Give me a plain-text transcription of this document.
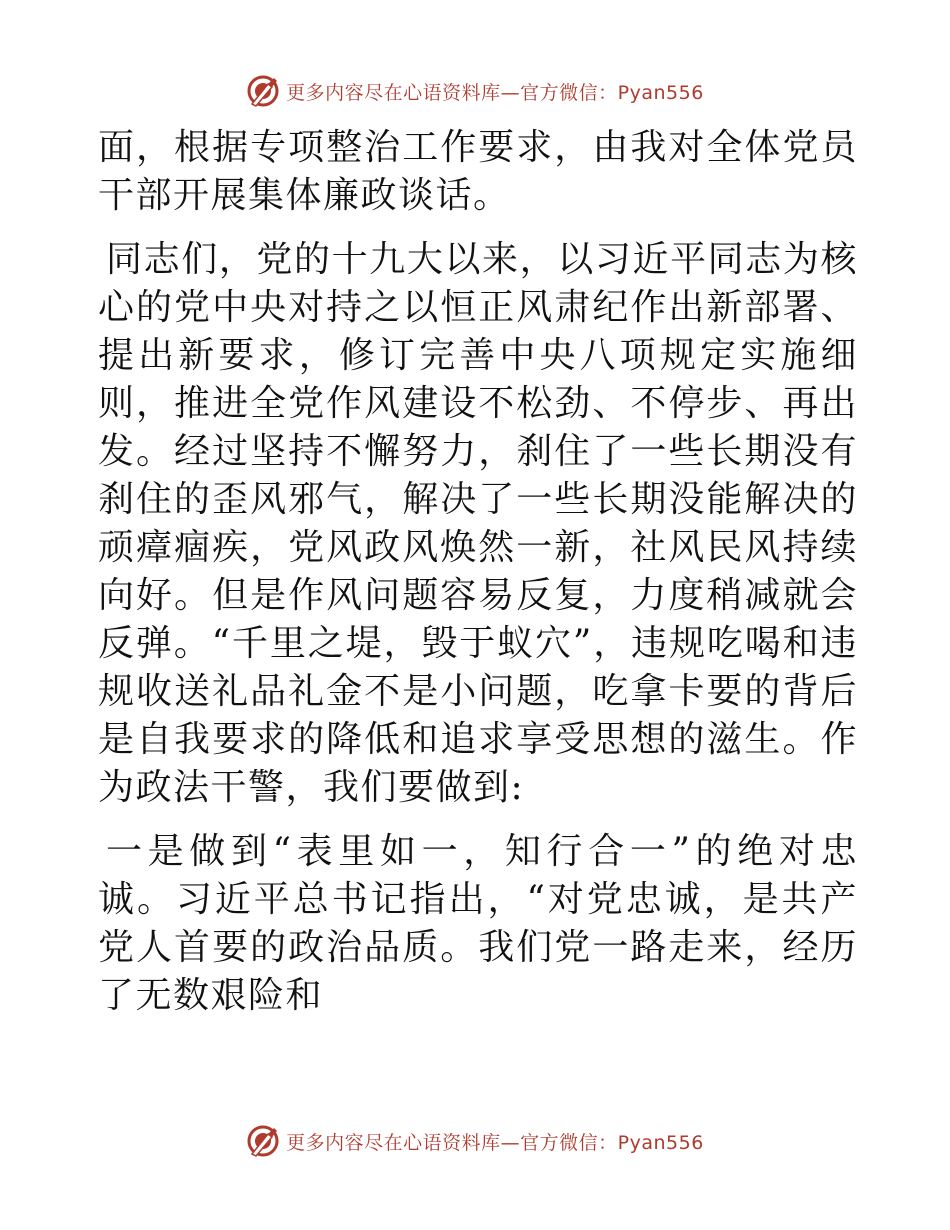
更多内容尽在心语资料库—官方微信：Pyan556

面，根据专项整治工作要求，由我对全体党员干部开展集体廉政谈话。

同志们，党的十九大以来，以习近平同志为核心的党中央对持之以恒正风肃纪作出新部署、提出新要求，修订完善中央八项规定实施细则，推进全党作风建设不松劲、不停步、再出发。经过坚持不懈努力，刹住了一些长期没有刹住的歪风邪气，解决了一些长期没能解决的顽瘴痼疾，党风政风焕然一新，社风民风持续向好。但是作风问题容易反复，力度稍减就会反弹。“千里之堤，毁于蚁穴”，违规吃喝和违规收送礼品礼金不是小问题，吃拿卡要的背后是自我要求的降低和追求享受思想的滋生。作为政法干警，我们要做到:

一是做到“表里如一，知行合一”的绝对忠诚。习近平总书记指出，“对党忠诚，是共产党人首要的政治品质。我们党一路走来，经历了无数艰险和

更多内容尽在心语资料库—官方微信：Pyan556
